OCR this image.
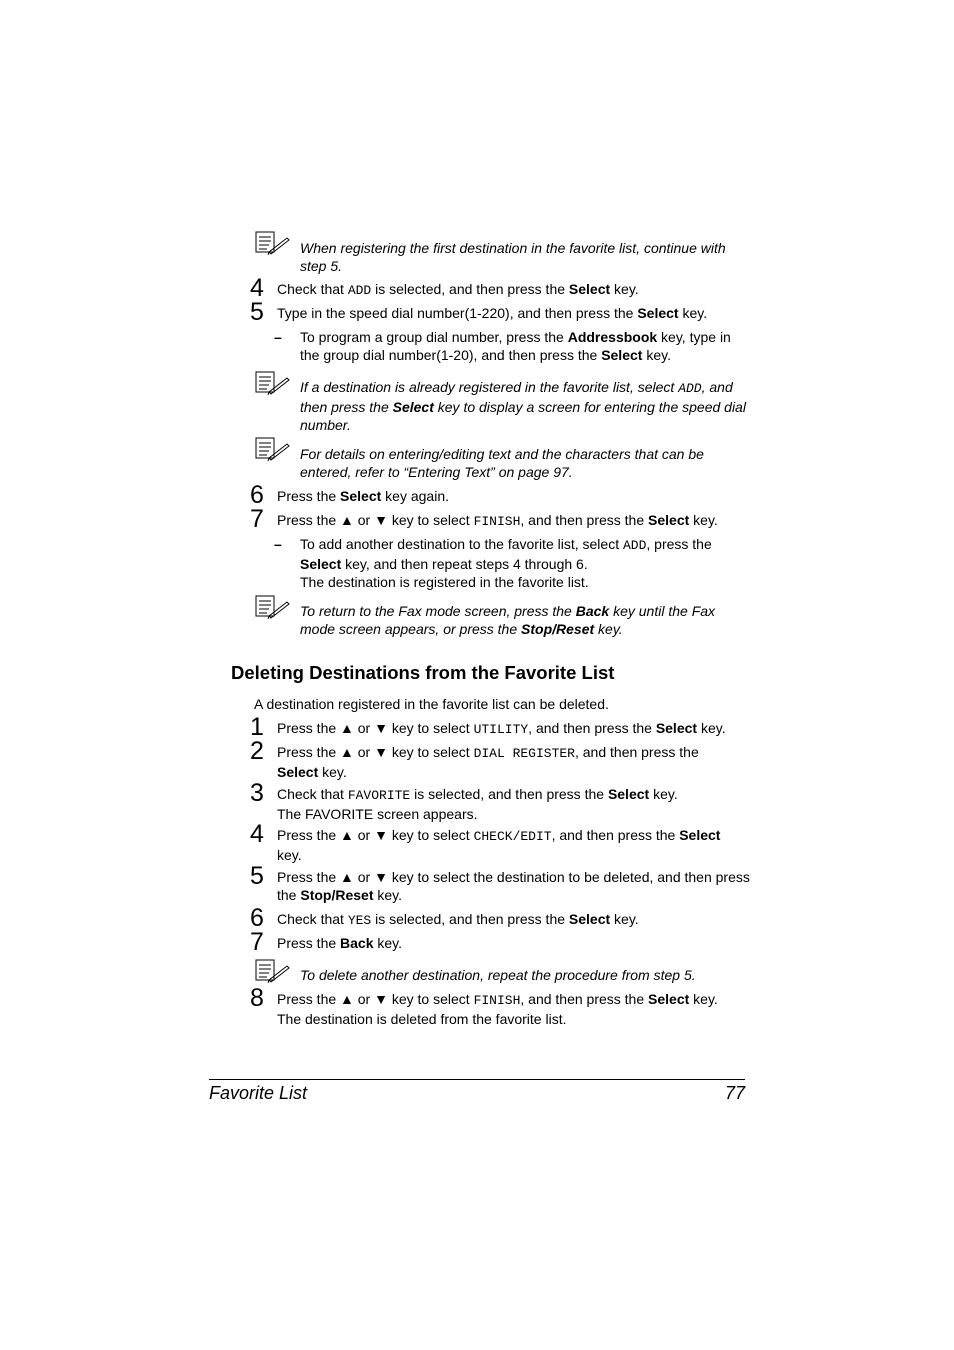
When registering the first destination in the favorite list, continue with step 5.
4 Check that ADD is selected, and then press the Select key.
5 Type in the speed dial number(1-220), and then press the Select key.
– To program a group dial number, press the Addressbook key, type in the group dial number(1-20), and then press the Select key.
If a destination is already registered in the favorite list, select ADD, and then press the Select key to display a screen for entering the speed dial number.
For details on entering/editing text and the characters that can be entered, refer to “Entering Text” on page 97.
6 Press the Select key again.
7 Press the ▲ or ▼ key to select FINISH, and then press the Select key.
– To add another destination to the favorite list, select ADD, press the Select key, and then repeat steps 4 through 6.
The destination is registered in the favorite list.
To return to the Fax mode screen, press the Back key until the Fax mode screen appears, or press the Stop/Reset key.
Deleting Destinations from the Favorite List
A destination registered in the favorite list can be deleted.
1 Press the ▲ or ▼ key to select UTILITY, and then press the Select key.
2 Press the ▲ or ▼ key to select DIAL REGISTER, and then press the
Select key.
3 Check that FAVORITE is selected, and then press the Select key.
The FAVORITE screen appears.
4 Press the ▲ or ▼ key to select CHECK/EDIT, and then press the Select
key.
5 Press the ▲ or ▼ key to select the destination to be deleted, and then press the Stop/Reset key.
6 Check that YES is selected, and then press the Select key.
7 Press the Back key.
To delete another destination, repeat the procedure from step 5.
8 Press the ▲ or ▼ key to select FINISH, and then press the Select key.
The destination is deleted from the favorite list.
Favorite List	77
